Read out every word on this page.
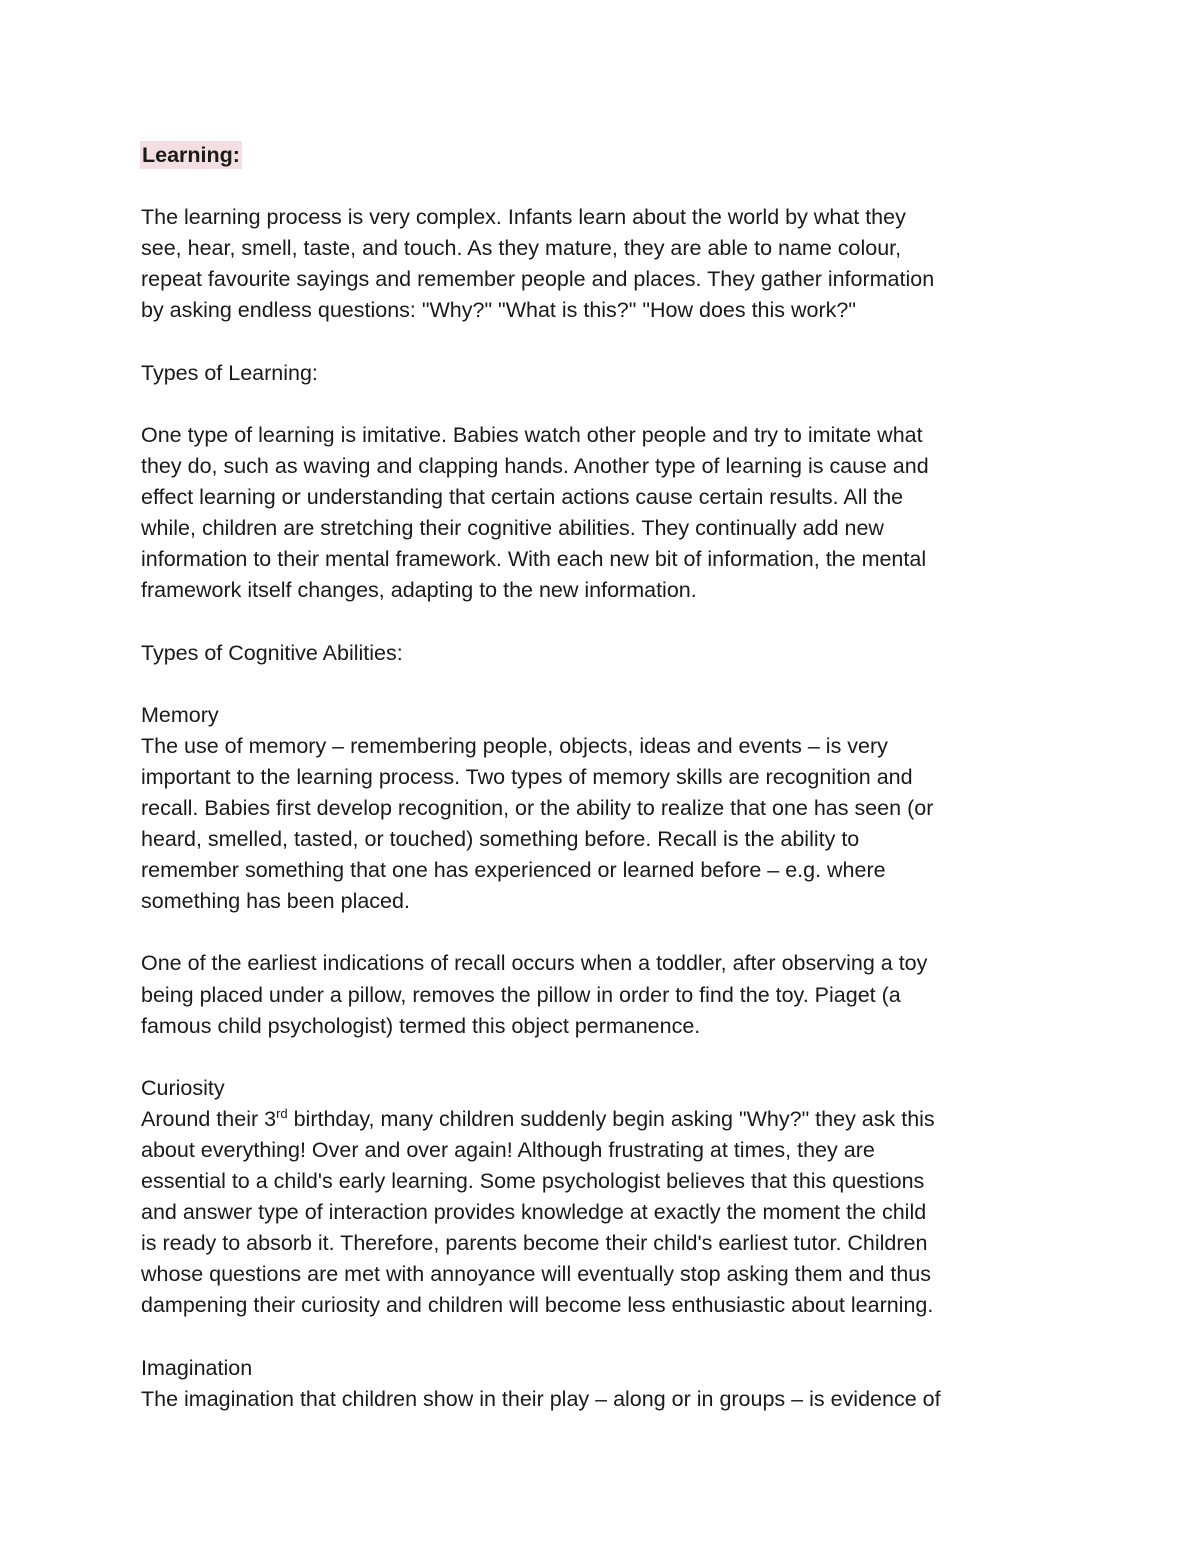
Learning:
The learning process is very complex. Infants learn about the world by what they
see, hear, smell, taste, and touch. As they mature, they are able to name colour,
repeat favourite sayings and remember people and places. They gather information
by asking endless questions: "Why?" "What is this?" "How does this work?"
Types of Learning:
One type of learning is imitative. Babies watch other people and try to imitate what
they do, such as waving and clapping hands. Another type of learning is cause and
effect learning or understanding that certain actions cause certain results. All the
while, children are stretching their cognitive abilities. They continually add new
information to their mental framework. With each new bit of information, the mental
framework itself changes, adapting to the new information.
Types of Cognitive Abilities:
Memory
The use of memory – remembering people, objects, ideas and events – is very
important to the learning process. Two types of memory skills are recognition and
recall. Babies first develop recognition, or the ability to realize that one has seen (or
heard, smelled, tasted, or touched) something before. Recall is the ability to
remember something that one has experienced or learned before – e.g. where
something has been placed.
One of the earliest indications of recall occurs when a toddler, after observing a toy
being placed under a pillow, removes the pillow in order to find the toy. Piaget (a
famous child psychologist) termed this object permanence.
Curiosity
Around their 3rd birthday, many children suddenly begin asking "Why?" they ask this
about everything! Over and over again! Although frustrating at times, they are
essential to a child's early learning. Some psychologist believes that this questions
and answer type of interaction provides knowledge at exactly the moment the child
is ready to absorb it. Therefore, parents become their child's earliest tutor. Children
whose questions are met with annoyance will eventually stop asking them and thus
dampening their curiosity and children will become less enthusiastic about learning.
Imagination
The imagination that children show in their play – along or in groups – is evidence of
